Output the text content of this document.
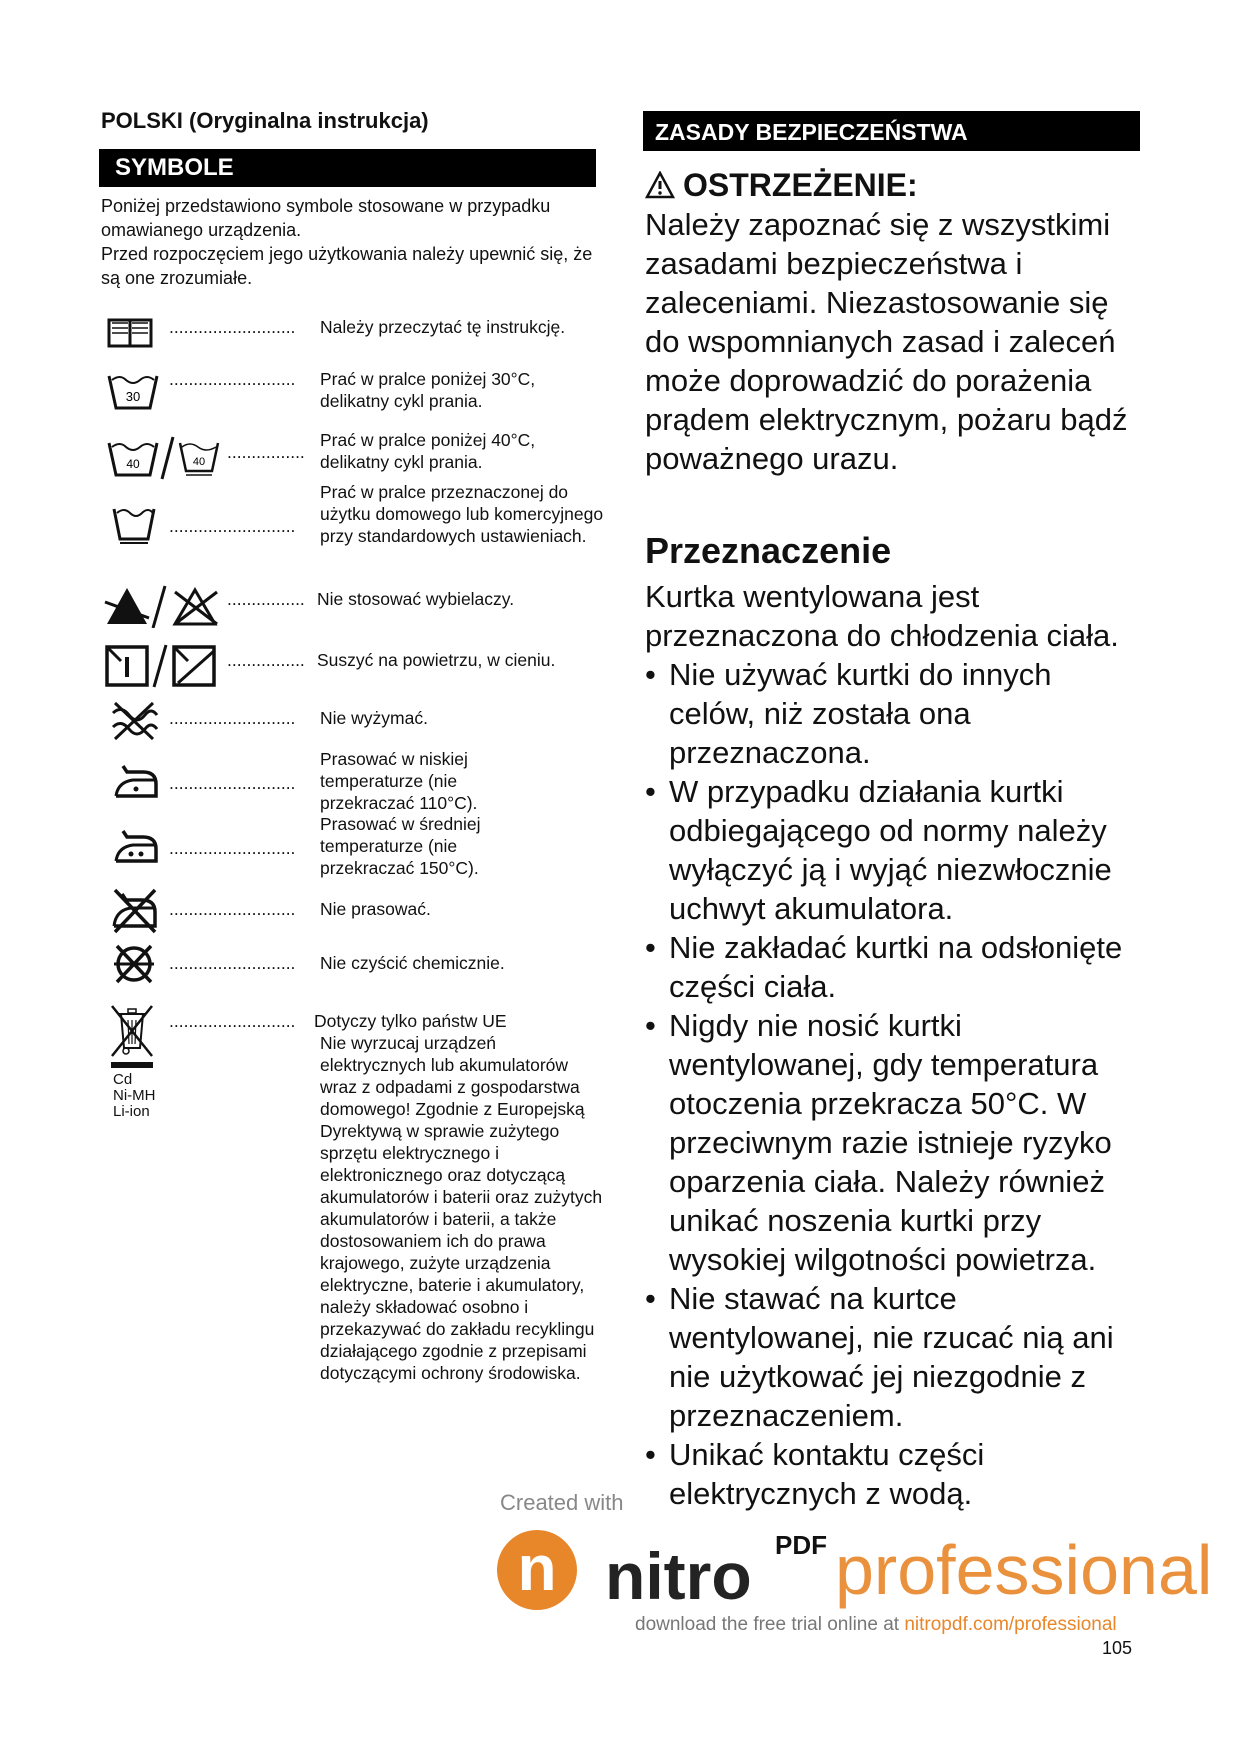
POLSKI (Oryginalna instrukcja)
SYMBOLE
ZASADY BEZPIECZEŃSTWA
Poniżej przedstawiono symbole stosowane w przypadku omawianego urządzenia.
Przed rozpoczęciem jego użytkowania należy upewnić się, że są one zrozumiałe.
.......................... Należy przeczytać tę instrukcję.
30
.......................... Prać w pralce poniżej 30°C, delikatny cykl prania.
40	40 ................
Prać w pralce poniżej 40°C, delikatny cykl prania.
..........................
Prać w pralce przeznaczonej do użytku domowego lub komercyjnego przy standardowych ustawieniach.
................ Nie stosować wybielaczy.
................ Suszyć na powietrzu, w cieniu.
.......................... Nie wyżymać.
..........................
Prasować w niskiej temperaturze (nie przekraczać 110°C).
..........................
Prasować w średniej temperaturze (nie przekraczać 150°C).
.......................... Nie prasować.
.......................... Nie czyścić chemicznie.
Cd
Ni-MH
Li-ion
.......................... Dotyczy tylko państw UE
Nie wyrzucaj urządzeń elektrycznych lub akumulatorów wraz z odpadami z gospodarstwa domowego! Zgodnie z Europejską Dyrektywą w sprawie zużytego sprzętu elektrycznego i elektronicznego oraz dotyczącą akumulatorów i baterii oraz zużytych akumulatorów i baterii, a także dostosowaniem ich do prawa krajowego, zużyte urządzenia elektryczne, baterie i akumulatory, należy składować osobno i przekazywać do zakładu recyklingu działającego zgodnie z przepisami dotyczącymi ochrony środowiska.
OSTRZEŻENIE:
Należy zapoznać się z wszystkimi zasadami bezpieczeństwa i zaleceniami. Niezastosowanie się do wspomnianych zasad i zaleceń może doprowadzić do porażenia prądem elektrycznym, pożaru bądź poważnego urazu.
Przeznaczenie
Kurtka wentylowana jest przeznaczona do chłodzenia ciała.
• Nie używać kurtki do innych celów, niż została ona przeznaczona.
• W przypadku działania kurtki odbiegającego od normy należy wyłączyć ją i wyjąć niezwłocznie uchwyt akumulatora.
• Nie zakładać kurtki na odsłonięte części ciała.
• Nigdy nie nosić kurtki wentylowanej, gdy temperatura otoczenia przekracza 50°C. W przeciwnym razie istnieje ryzyko oparzenia ciała. Należy również unikać noszenia kurtki przy wysokiej wilgotności powietrza.
• Nie stawać na kurtce wentylowanej, nie rzucać nią ani nie użytkować jej niezgodnie z przeznaczeniem.
• Unikać kontaktu części elektrycznych z wodą.
Created with
n nitro PDF professional
download the free trial online at nitropdf.com/professional
105
